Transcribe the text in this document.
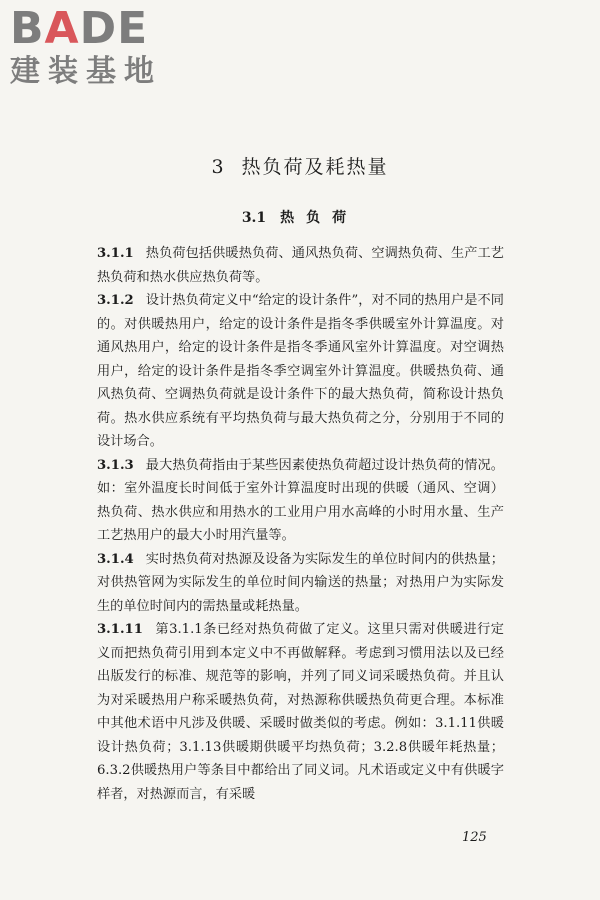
BADE
建装基地
3 热负荷及耗热量
3.1 热负荷

3.1.1 热负荷包括供暖热负荷、通风热负荷、空调热负荷、生产工艺热负荷和热水供应热负荷等。

3.1.2 设计热负荷定义中“给定的设计条件”，对不同的热用户是不同的。对供暖热用户，给定的设计条件是指冬季供暖室外计算温度。对通风热用户，给定的设计条件是指冬季通风室外计算温度。对空调热用户，给定的设计条件是指冬季空调室外计算温度。供暖热负荷、通风热负荷、空调热负荷就是设计条件下的最大热负荷，简称设计热负荷。热水供应系统有平均热负荷与最大热负荷之分，分别用于不同的设计场合。

3.1.3 最大热负荷指由于某些因素使热负荷超过设计热负荷的情况。如：室外温度长时间低于室外计算温度时出现的供暖（通风、空调）热负荷、热水供应和用热水的工业用户用水高峰的小时用水量、生产工艺热用户的最大小时用汽量等。

3.1.4 实时热负荷对热源及设备为实际发生的单位时间内的供热量；对供热管网为实际发生的单位时间内输送的热量；对热用户为实际发生的单位时间内的需热量或耗热量。

3.1.11 第3.1.1条已经对热负荷做了定义。这里只需对供暖进行定义而把热负荷引用到本定义中不再做解释。考虑到习惯用法以及已经出版发行的标准、规范等的影响，并列了同义词采暖热负荷。并且认为对采暖热用户称采暖热负荷，对热源称供暖热负荷更合理。本标准中其他术语中凡涉及供暖、采暖时做类似的考虑。例如：3.1.11供暖设计热负荷；3.1.13供暖期供暖平均热负荷；3.2.8供暖年耗热量；6.3.2供暖热用户等条目中都给出了同义词。凡术语或定义中有供暖字样者，对热源而言，有采暖

125
